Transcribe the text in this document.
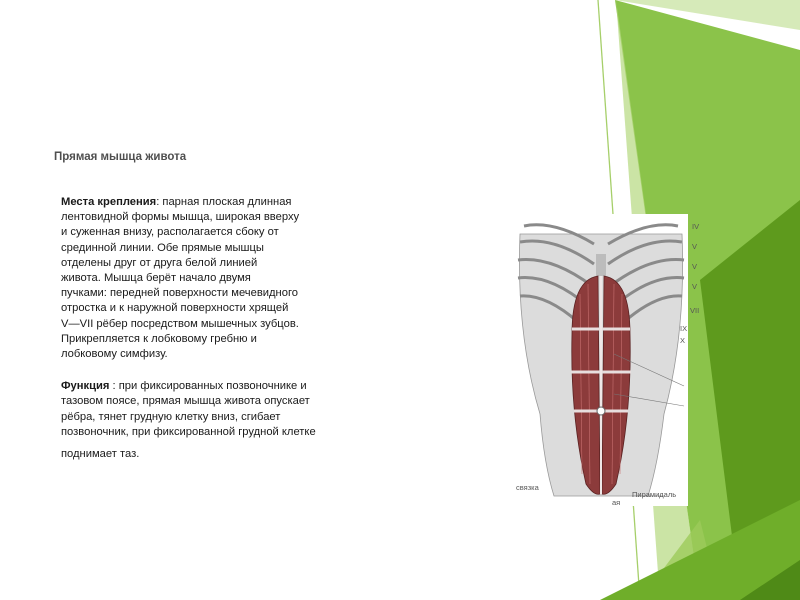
Прямая мышца живота

Места крепления: парная плоская длинная

лентовидной формы мышца, широкая вверху

и суженная внизу, располагается сбоку от

срединной линии. Обе прямые мышцы

отделены друг от друга белой линией

живота. Мышца берёт начало двумя

пучками: передней поверхности мечевидного

отростка и к наружной поверхности хрящей

V—VII рёбер посредством мышечных зубцов.

Прикрепляется к лобковому гребню и

лобковому симфизу.

Функция : при фиксированных позвоночнике и

тазовом поясе, прямая мышца живота опускает

рёбра, тянет грудную клетку вниз, сгибает

позвоночник, при фиксированной грудной клетке

поднимает таз.

IV
V
V
V
VII
IX
X
связка
Пирамидаль
ая
